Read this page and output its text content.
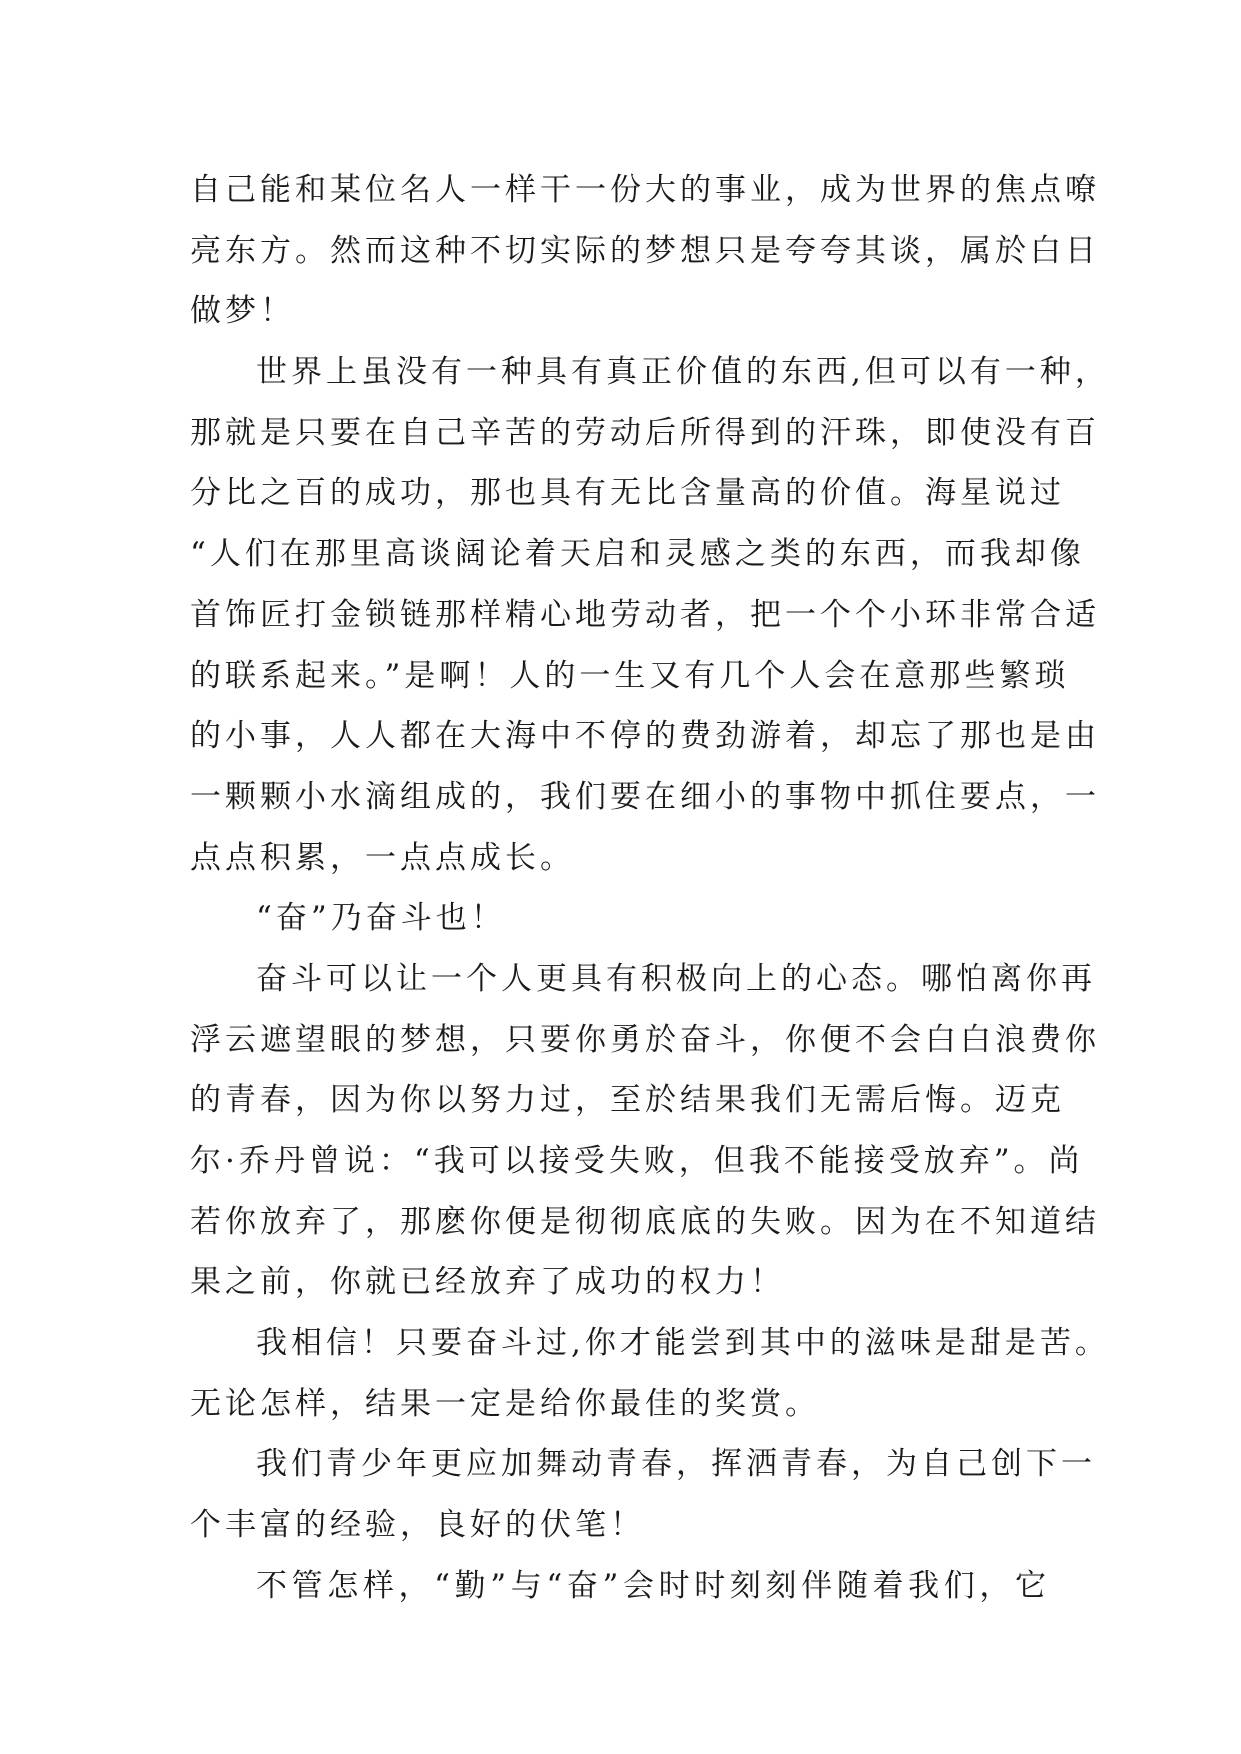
自己能和某位名人一样干一份大的事业，成为世界的焦点嘹
亮东方。然而这种不切实际的梦想只是夸夸其谈，属於白日
做梦！
世界上虽没有一种具有真正价值的东西,但可以有一种，
那就是只要在自己辛苦的劳动后所得到的汗珠，即使没有百
分比之百的成功，那也具有无比含量高的价值。海星说过
“人们在那里高谈阔论着天启和灵感之类的东西，而我却像
首饰匠打金锁链那样精心地劳动者，把一个个小环非常合适
的联系起来。”是啊！人的一生又有几个人会在意那些繁琐
的小事，人人都在大海中不停的费劲游着，却忘了那也是由
一颗颗小水滴组成的，我们要在细小的事物中抓住要点，一
点点积累，一点点成长。
“奋”乃奋斗也！
奋斗可以让一个人更具有积极向上的心态。哪怕离你再
浮云遮望眼的梦想，只要你勇於奋斗，你便不会白白浪费你
的青春，因为你以努力过，至於结果我们无需后悔。迈克
尔·乔丹曾说：“我可以接受失败，但我不能接受放弃”。尚
若你放弃了，那麽你便是彻彻底底的失败。因为在不知道结
果之前，你就已经放弃了成功的权力！
我相信！只要奋斗过,你才能尝到其中的滋味是甜是苦。
无论怎样，结果一定是给你最佳的奖赏。
我们青少年更应加舞动青春，挥洒青春，为自己创下一
个丰富的经验，良好的伏笔！
不管怎样，“勤”与“奋”会时时刻刻伴随着我们，它
